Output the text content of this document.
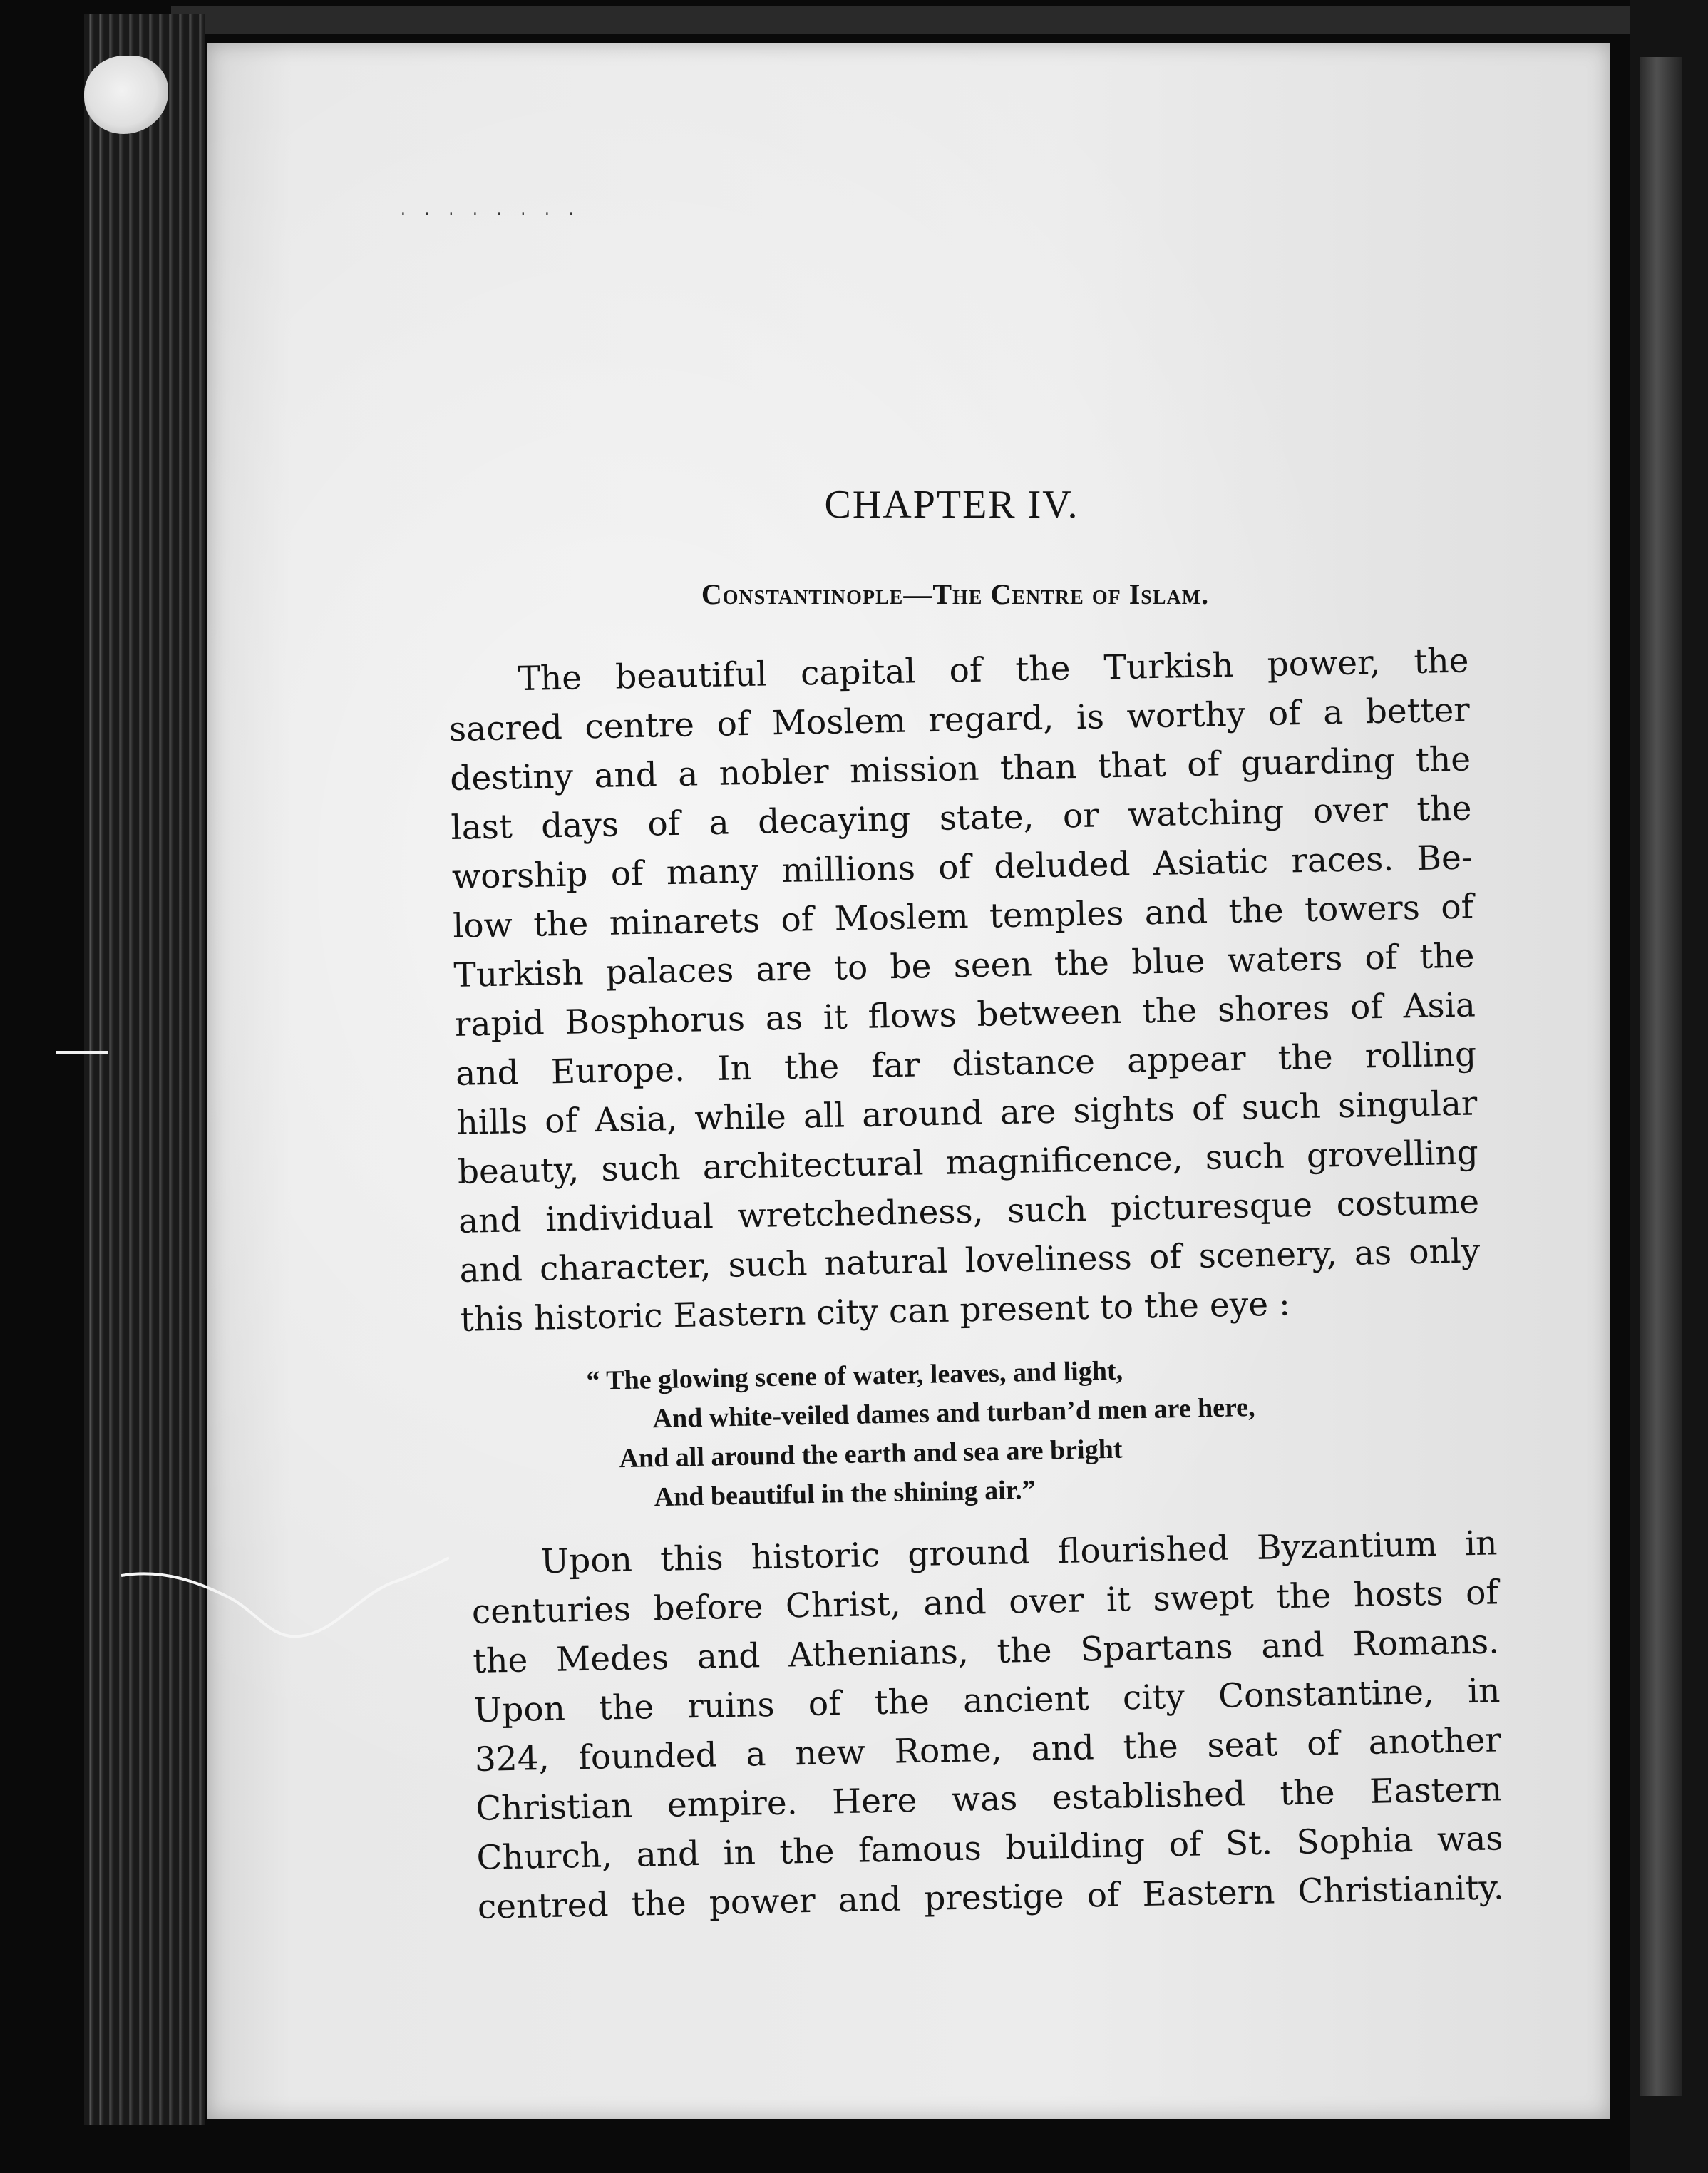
· · · · · · · ·
CHAPTER IV.
Constantinople—The Centre of Islam.
The beautiful capital of the Turkish power, the
sacred centre of Moslem regard, is worthy of a better
destiny and a nobler mission than that of guarding the
last days of a decaying state, or watching over the
worship of many millions of deluded Asiatic races. Be-
low the minarets of Moslem temples and the towers of
Turkish palaces are to be seen the blue waters of the
rapid Bosphorus as it flows between the shores of Asia
and Europe. In the far distance appear the rolling
hills of Asia, while all around are sights of such singular
beauty, such architectural magnificence, such grovelling
and individual wretchedness, such picturesque costume
and character, such natural loveliness of scenery, as only
this historic Eastern city can present to the eye :
“ The glowing scene of water, leaves, and light,
And white-veiled dames and turban’d men are here,
And all around the earth and sea are bright
And beautiful in the shining air.”
Upon this historic ground flourished Byzantium in
centuries before Christ, and over it swept the hosts of
the Medes and Athenians, the Spartans and Romans.
Upon the ruins of the ancient city Constantine, in
324, founded a new Rome, and the seat of another
Christian empire. Here was established the Eastern
Church, and in the famous building of St. Sophia was
centred the power and prestige of Eastern Christianity.
